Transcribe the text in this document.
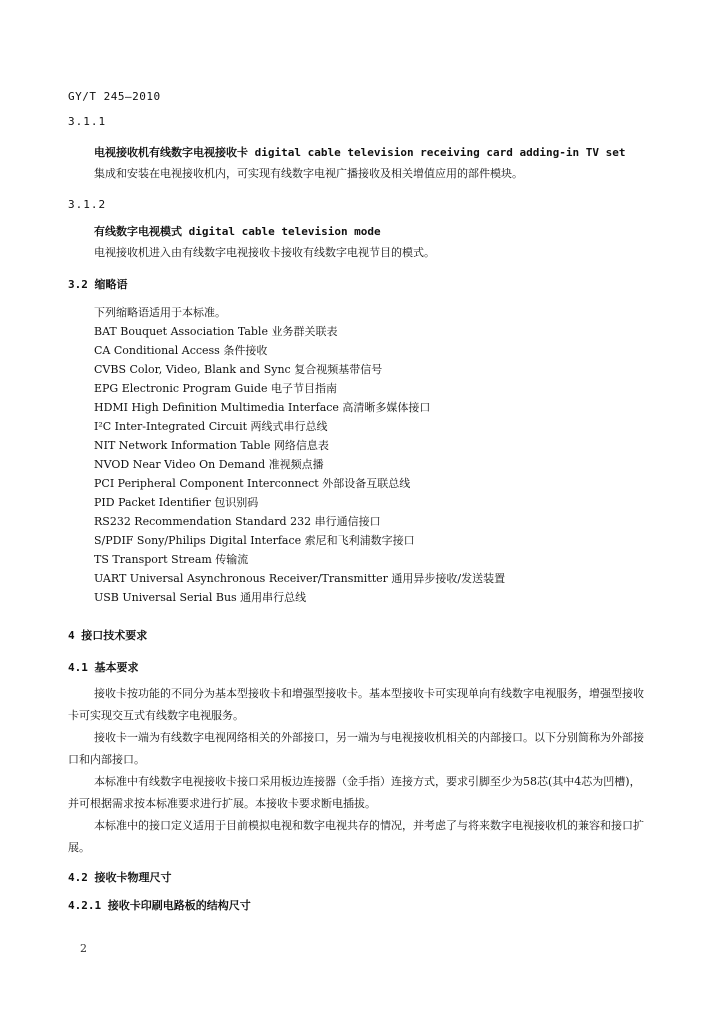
GY/T 245—2010

3.1.1

电视接收机有线数字电视接收卡 digital cable television receiving card adding-in TV set

集成和安装在电视接收机内，可实现有线数字电视广播接收及相关增值应用的部件模块。

3.1.2

有线数字电视模式 digital cable television mode

电视接收机进入由有线数字电视接收卡接收有线数字电视节目的模式。

3.2 缩略语

下列缩略语适用于本标准。

BAT Bouquet Association Table 业务群关联表

CA Conditional Access 条件接收

CVBS Color, Video, Blank and Sync 复合视频基带信号

EPG Electronic Program Guide 电子节目指南

HDMI High Definition Multimedia Interface 高清晰多媒体接口

I²C Inter-Integrated Circuit 两线式串行总线

NIT Network Information Table 网络信息表

NVOD Near Video On Demand 准视频点播

PCI Peripheral Component Interconnect 外部设备互联总线

PID Packet Identifier 包识别码

RS232 Recommendation Standard 232 串行通信接口

S/PDIF Sony/Philips Digital Interface 索尼和飞利浦数字接口

TS Transport Stream 传输流

UART Universal Asynchronous Receiver/Transmitter 通用异步接收/发送装置

USB Universal Serial Bus 通用串行总线

4 接口技术要求

4.1 基本要求

接收卡按功能的不同分为基本型接收卡和增强型接收卡。基本型接收卡可实现单向有线数字电视服务，增强型接收卡可实现交互式有线数字电视服务。

接收卡一端为有线数字电视网络相关的外部接口，另一端为与电视接收机相关的内部接口。以下分别简称为外部接口和内部接口。

本标准中有线数字电视接收卡接口采用板边连接器（金手指）连接方式，要求引脚至少为58芯(其中4芯为凹槽)，并可根据需求按本标准要求进行扩展。本接收卡要求断电插拔。

本标准中的接口定义适用于目前模拟电视和数字电视共存的情况，并考虑了与将来数字电视接收机的兼容和接口扩展。

4.2 接收卡物理尺寸

4.2.1 接收卡印刷电路板的结构尺寸

2
